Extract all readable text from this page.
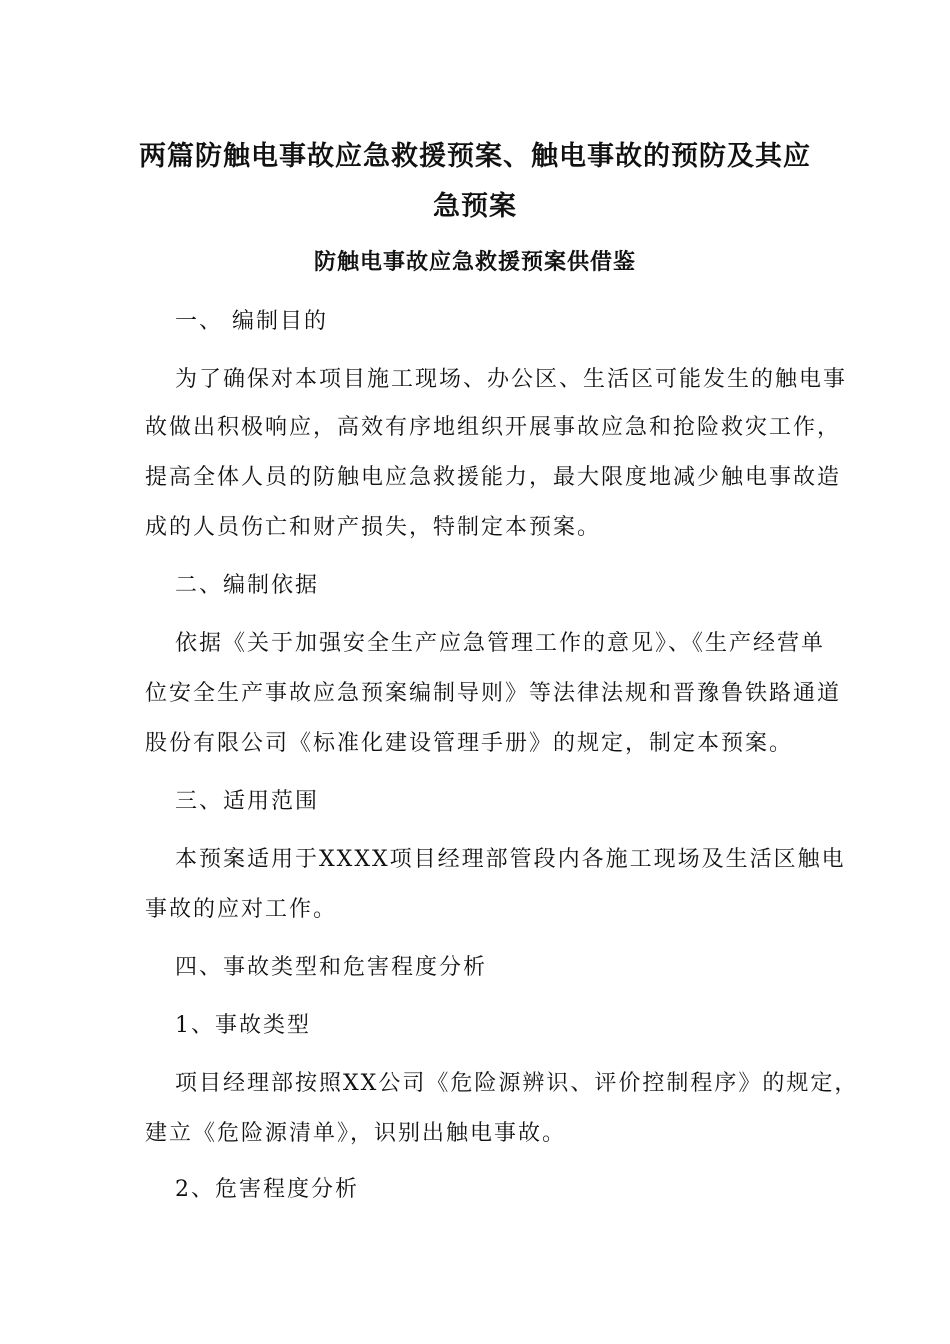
两篇防触电事故应急救援预案、触电事故的预防及其应
急预案
防触电事故应急救援预案供借鉴
一、 编制目的
为了确保对本项目施工现场、办公区、生活区可能发生的触电事
故做出积极响应，高效有序地组织开展事故应急和抢险救灾工作，
提高全体人员的防触电应急救援能力，最大限度地减少触电事故造
成的人员伤亡和财产损失，特制定本预案。
二、编制依据
依据《关于加强安全生产应急管理工作的意见》、《生产经营单
位安全生产事故应急预案编制导则》等法律法规和晋豫鲁铁路通道
股份有限公司《标准化建设管理手册》的规定，制定本预案。
三、适用范围
本预案适用于XXXX项目经理部管段内各施工现场及生活区触电
事故的应对工作。
四、事故类型和危害程度分析
1、事故类型
项目经理部按照XX公司《危险源辨识、评价控制程序》的规定，
建立《危险源清单》，识别出触电事故。
2、危害程度分析
